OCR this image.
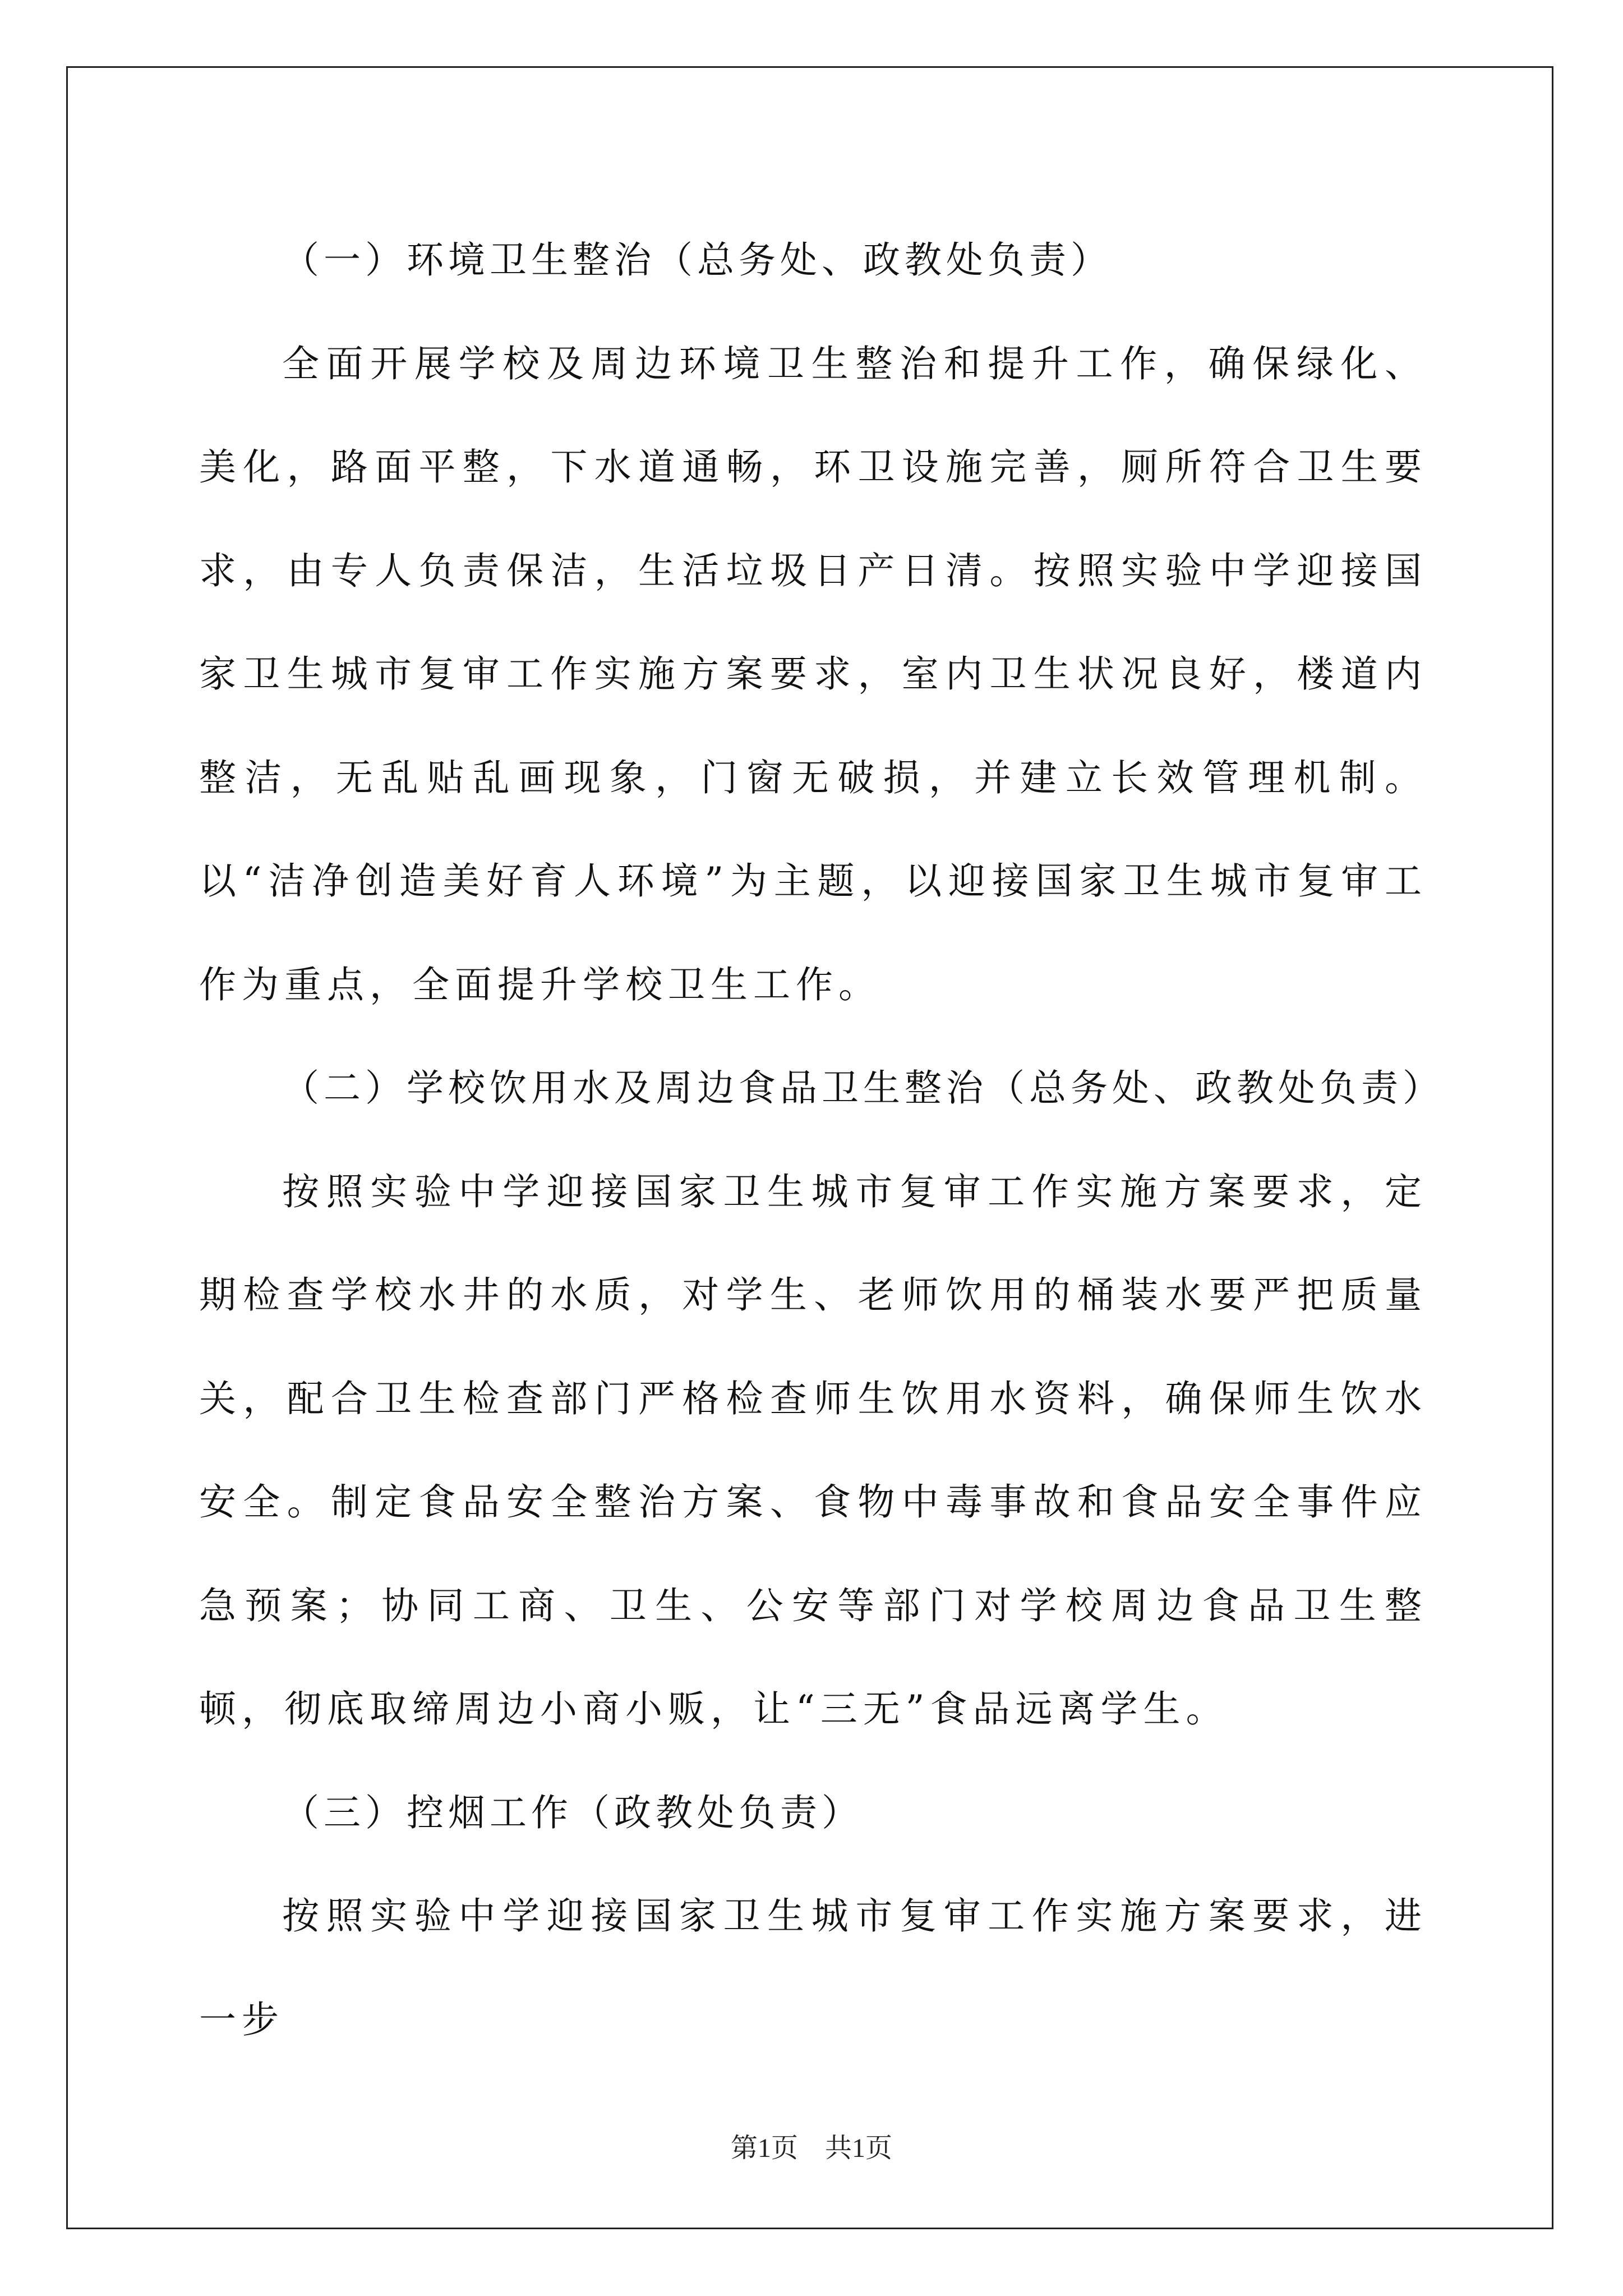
（一）环境卫生整治（总务处、政教处负责）

全面开展学校及周边环境卫生整治和提升工作，确保绿化、美化，路面平整，下水道通畅，环卫设施完善，厕所符合卫生要求，由专人负责保洁，生活垃圾日产日清。按照实验中学迎接国家卫生城市复审工作实施方案要求，室内卫生状况良好，楼道内整洁，无乱贴乱画现象，门窗无破损，并建立长效管理机制。以“洁净创造美好育人环境”为主题，以迎接国家卫生城市复审工作为重点，全面提升学校卫生工作。

（二）学校饮用水及周边食品卫生整治（总务处、政教处负责）

按照实验中学迎接国家卫生城市复审工作实施方案要求，定期检查学校水井的水质，对学生、老师饮用的桶装水要严把质量关，配合卫生检查部门严格检查师生饮用水资料，确保师生饮水安全。制定食品安全整治方案、食物中毒事故和食品安全事件应急预案；协同工商、卫生、公安等部门对学校周边食品卫生整顿，彻底取缔周边小商小贩，让“三无”食品远离学生。

（三）控烟工作（政教处负责）

按照实验中学迎接国家卫生城市复审工作实施方案要求，进一步

第1页　共1页
